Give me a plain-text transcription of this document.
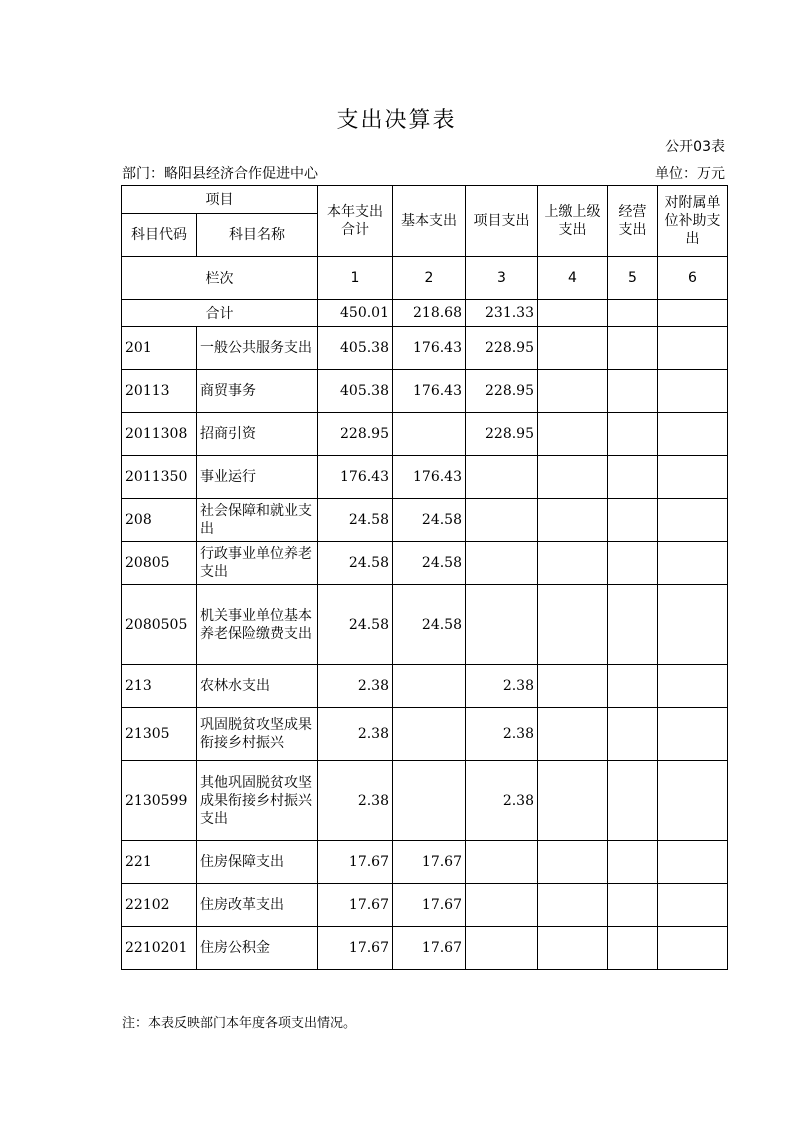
支出决算表
公开03表
部门：略阳县经济合作促进中心	单位：万元
项目		本年支出合计	基本支出	项目支出	上缴上级支出	经营支出	对附属单位补助支出

科目代码	科目名称						
栏次		1	2	3	4	5	6
合计		450.01	218.68	231.33			
201	一般公共服务支出	405.38	176.43	228.95			
20113	商贸事务	405.38	176.43	228.95			
2011308	招商引资	228.95		228.95			
2011350	事业运行	176.43	176.43				
208	社会保障和就业支出	24.58	24.58				
20805	行政事业单位养老支出	24.58	24.58				
2080505	机关事业单位基本养老保险缴费支出	24.58	24.58				
213	农林水支出	2.38		2.38			
21305	巩固脱贫攻坚成果衔接乡村振兴	2.38		2.38			
2130599	其他巩固脱贫攻坚成果衔接乡村振兴支出	2.38		2.38			
221	住房保障支出	17.67	17.67				
22102	住房改革支出	17.67	17.67				
2210201	住房公积金	17.67	17.67				
注：本表反映部门本年度各项支出情况。
